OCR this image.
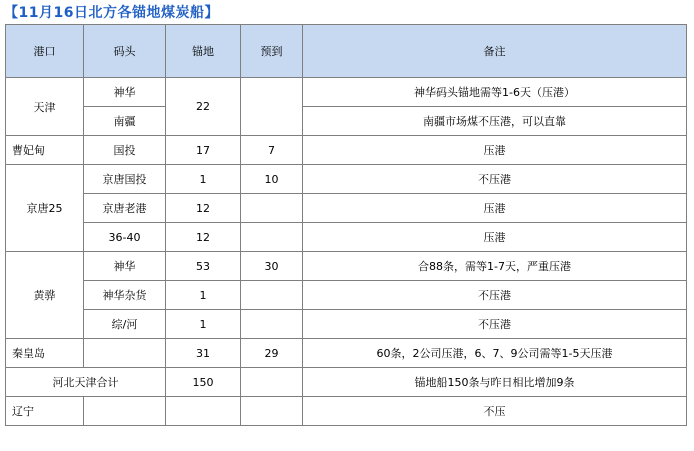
【11月16日北方各锚地煤炭船】
港口	码头	锚地	预到	备注
天津	神华	22		神华码头锚地需等1-6天（压港）
	南疆			南疆市场煤不压港，可以直靠
曹妃甸	国投	17	7	压港
京唐25	京唐国投	1	10	不压港
	京唐老港	12		压港
	36-40	12		压港
黄骅	神华	53	30	合88条，需等1-7天，严重压港
	神华杂货	1		不压港
	综/河	1		不压港
秦皇岛		31	29	60条，2公司压港，6、7、9公司需等1-5天压港
河北天津合计		150		锚地船150条与昨日相比增加9条
辽宁				不压
